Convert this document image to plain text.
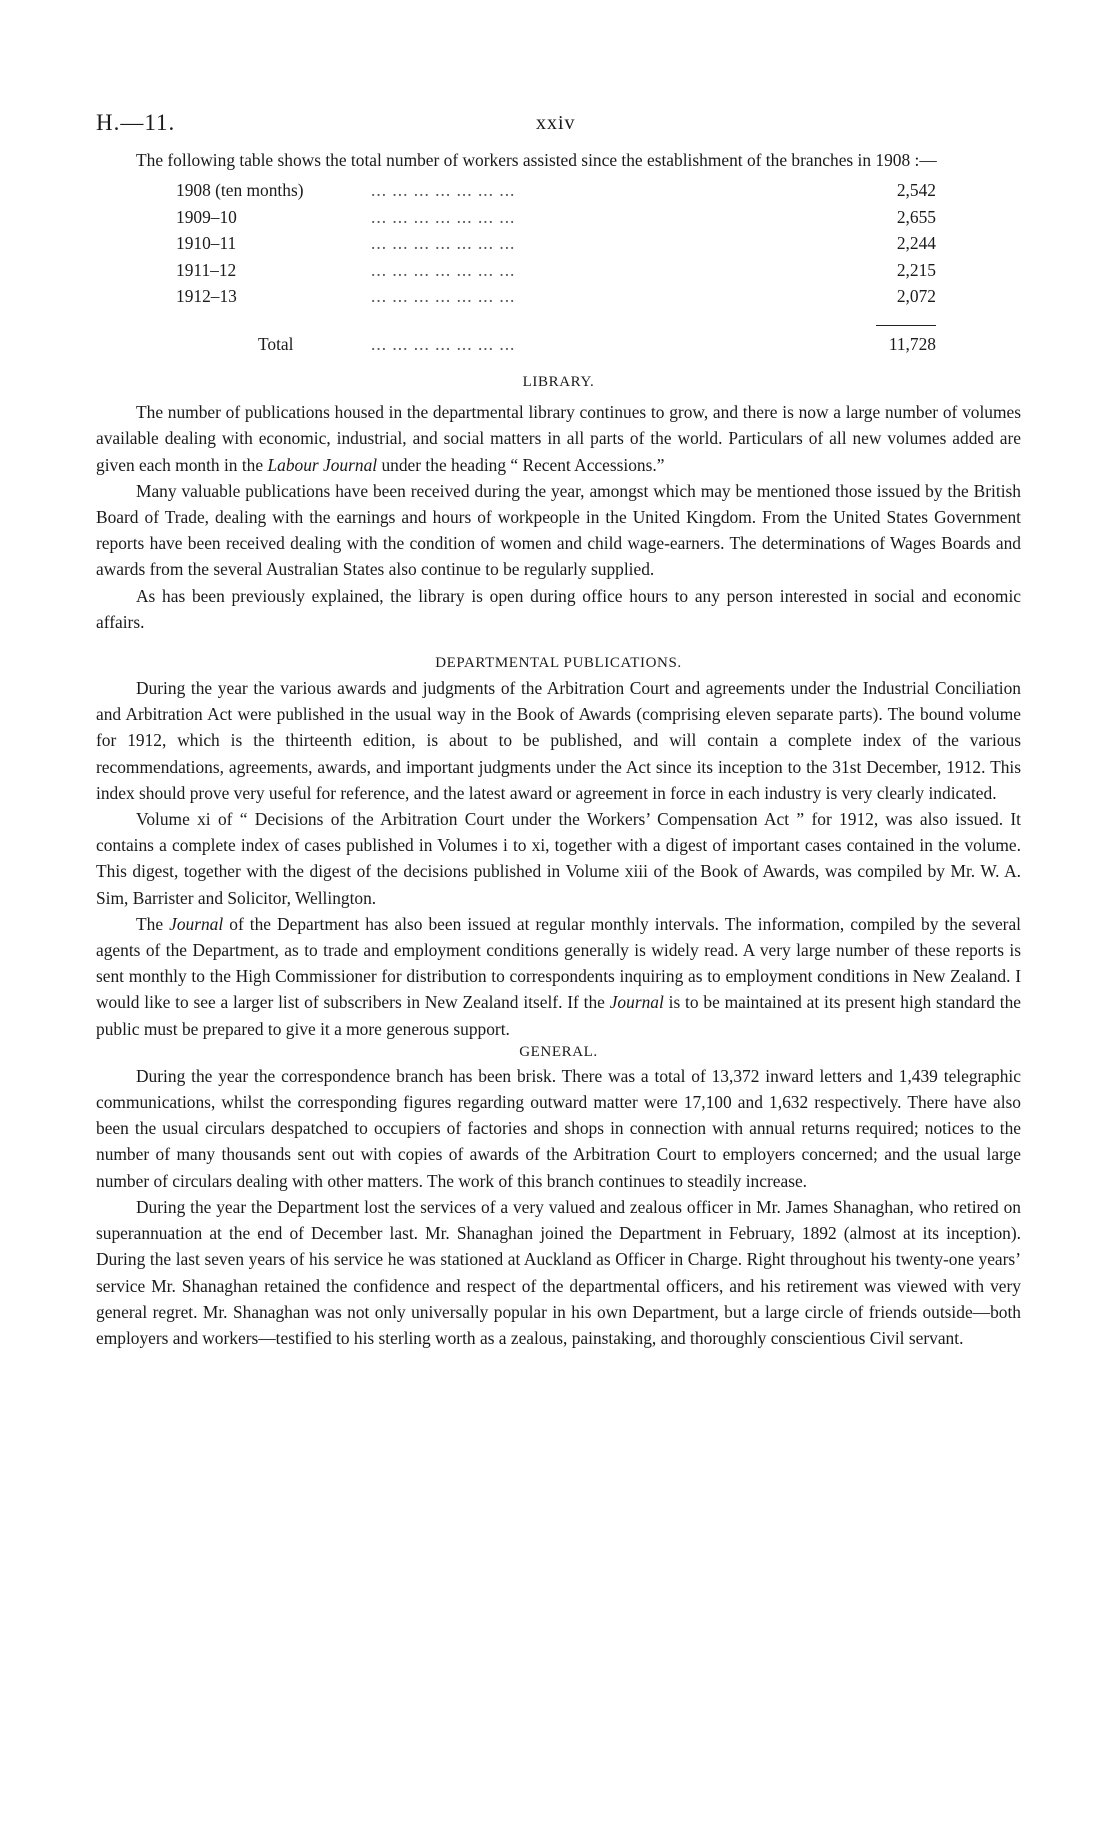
H.—11.	xxiv

The following table shows the total number of workers assisted since the establishment of the branches in 1908 :—

1908 (ten months)	... ... ... ... ... ... ...	2,542
1909–10	... ... ... ... ... ... ...	2,655
1910–11	... ... ... ... ... ... ...	2,244
1911–12	... ... ... ... ... ... ...	2,215
1912–13	... ... ... ... ... ... ...	2,072
Total	... ... ... ... ... ... ...	11,728
LIBRARY.

The number of publications housed in the departmental library continues to grow, and there is now a large number of volumes available dealing with economic, industrial, and social matters in all parts of the world. Particulars of all new volumes added are given each month in the Labour Journal under the heading “ Recent Accessions.”

Many valuable publications have been received during the year, amongst which may be mentioned those issued by the British Board of Trade, dealing with the earnings and hours of workpeople in the United Kingdom. From the United States Government reports have been received dealing with the condition of women and child wage-earners. The determinations of Wages Boards and awards from the several Australian States also continue to be regularly supplied.

As has been previously explained, the library is open during office hours to any person interested in social and economic affairs.

DEPARTMENTAL PUBLICATIONS.

During the year the various awards and judgments of the Arbitration Court and agreements under the Industrial Conciliation and Arbitration Act were published in the usual way in the Book of Awards (comprising eleven separate parts). The bound volume for 1912, which is the thirteenth edition, is about to be published, and will contain a complete index of the various recommendations, agreements, awards, and important judgments under the Act since its inception to the 31st December, 1912. This index should prove very useful for reference, and the latest award or agreement in force in each industry is very clearly indicated.

Volume xi of “ Decisions of the Arbitration Court under the Workers’ Compensation Act ” for 1912, was also issued. It contains a complete index of cases published in Volumes i to xi, together with a digest of important cases contained in the volume. This digest, together with the digest of the decisions published in Volume xiii of the Book of Awards, was compiled by Mr. W. A. Sim, Barrister and Solicitor, Wellington.

The Journal of the Department has also been issued at regular monthly intervals. The information, compiled by the several agents of the Department, as to trade and employment conditions generally is widely read. A very large number of these reports is sent monthly to the High Commissioner for distribution to correspondents inquiring as to employment conditions in New Zealand. I would like to see a larger list of subscribers in New Zealand itself. If the Journal is to be maintained at its present high standard the public must be prepared to give it a more generous support.

GENERAL.

During the year the correspondence branch has been brisk. There was a total of 13,372 inward letters and 1,439 telegraphic communications, whilst the corresponding figures regarding outward matter were 17,100 and 1,632 respectively. There have also been the usual circulars despatched to occupiers of factories and shops in connection with annual returns required; notices to the number of many thousands sent out with copies of awards of the Arbitration Court to employers concerned; and the usual large number of circulars dealing with other matters. The work of this branch continues to steadily increase.

During the year the Department lost the services of a very valued and zealous officer in Mr. James Shanaghan, who retired on superannuation at the end of December last. Mr. Shanaghan joined the Department in February, 1892 (almost at its inception). During the last seven years of his service he was stationed at Auckland as Officer in Charge. Right throughout his twenty-one years’ service Mr. Shanaghan retained the confidence and respect of the departmental officers, and his retirement was viewed with very general regret. Mr. Shanaghan was not only universally popular in his own Department, but a large circle of friends outside—both employers and workers—testified to his sterling worth as a zealous, painstaking, and thoroughly conscientious Civil servant.
